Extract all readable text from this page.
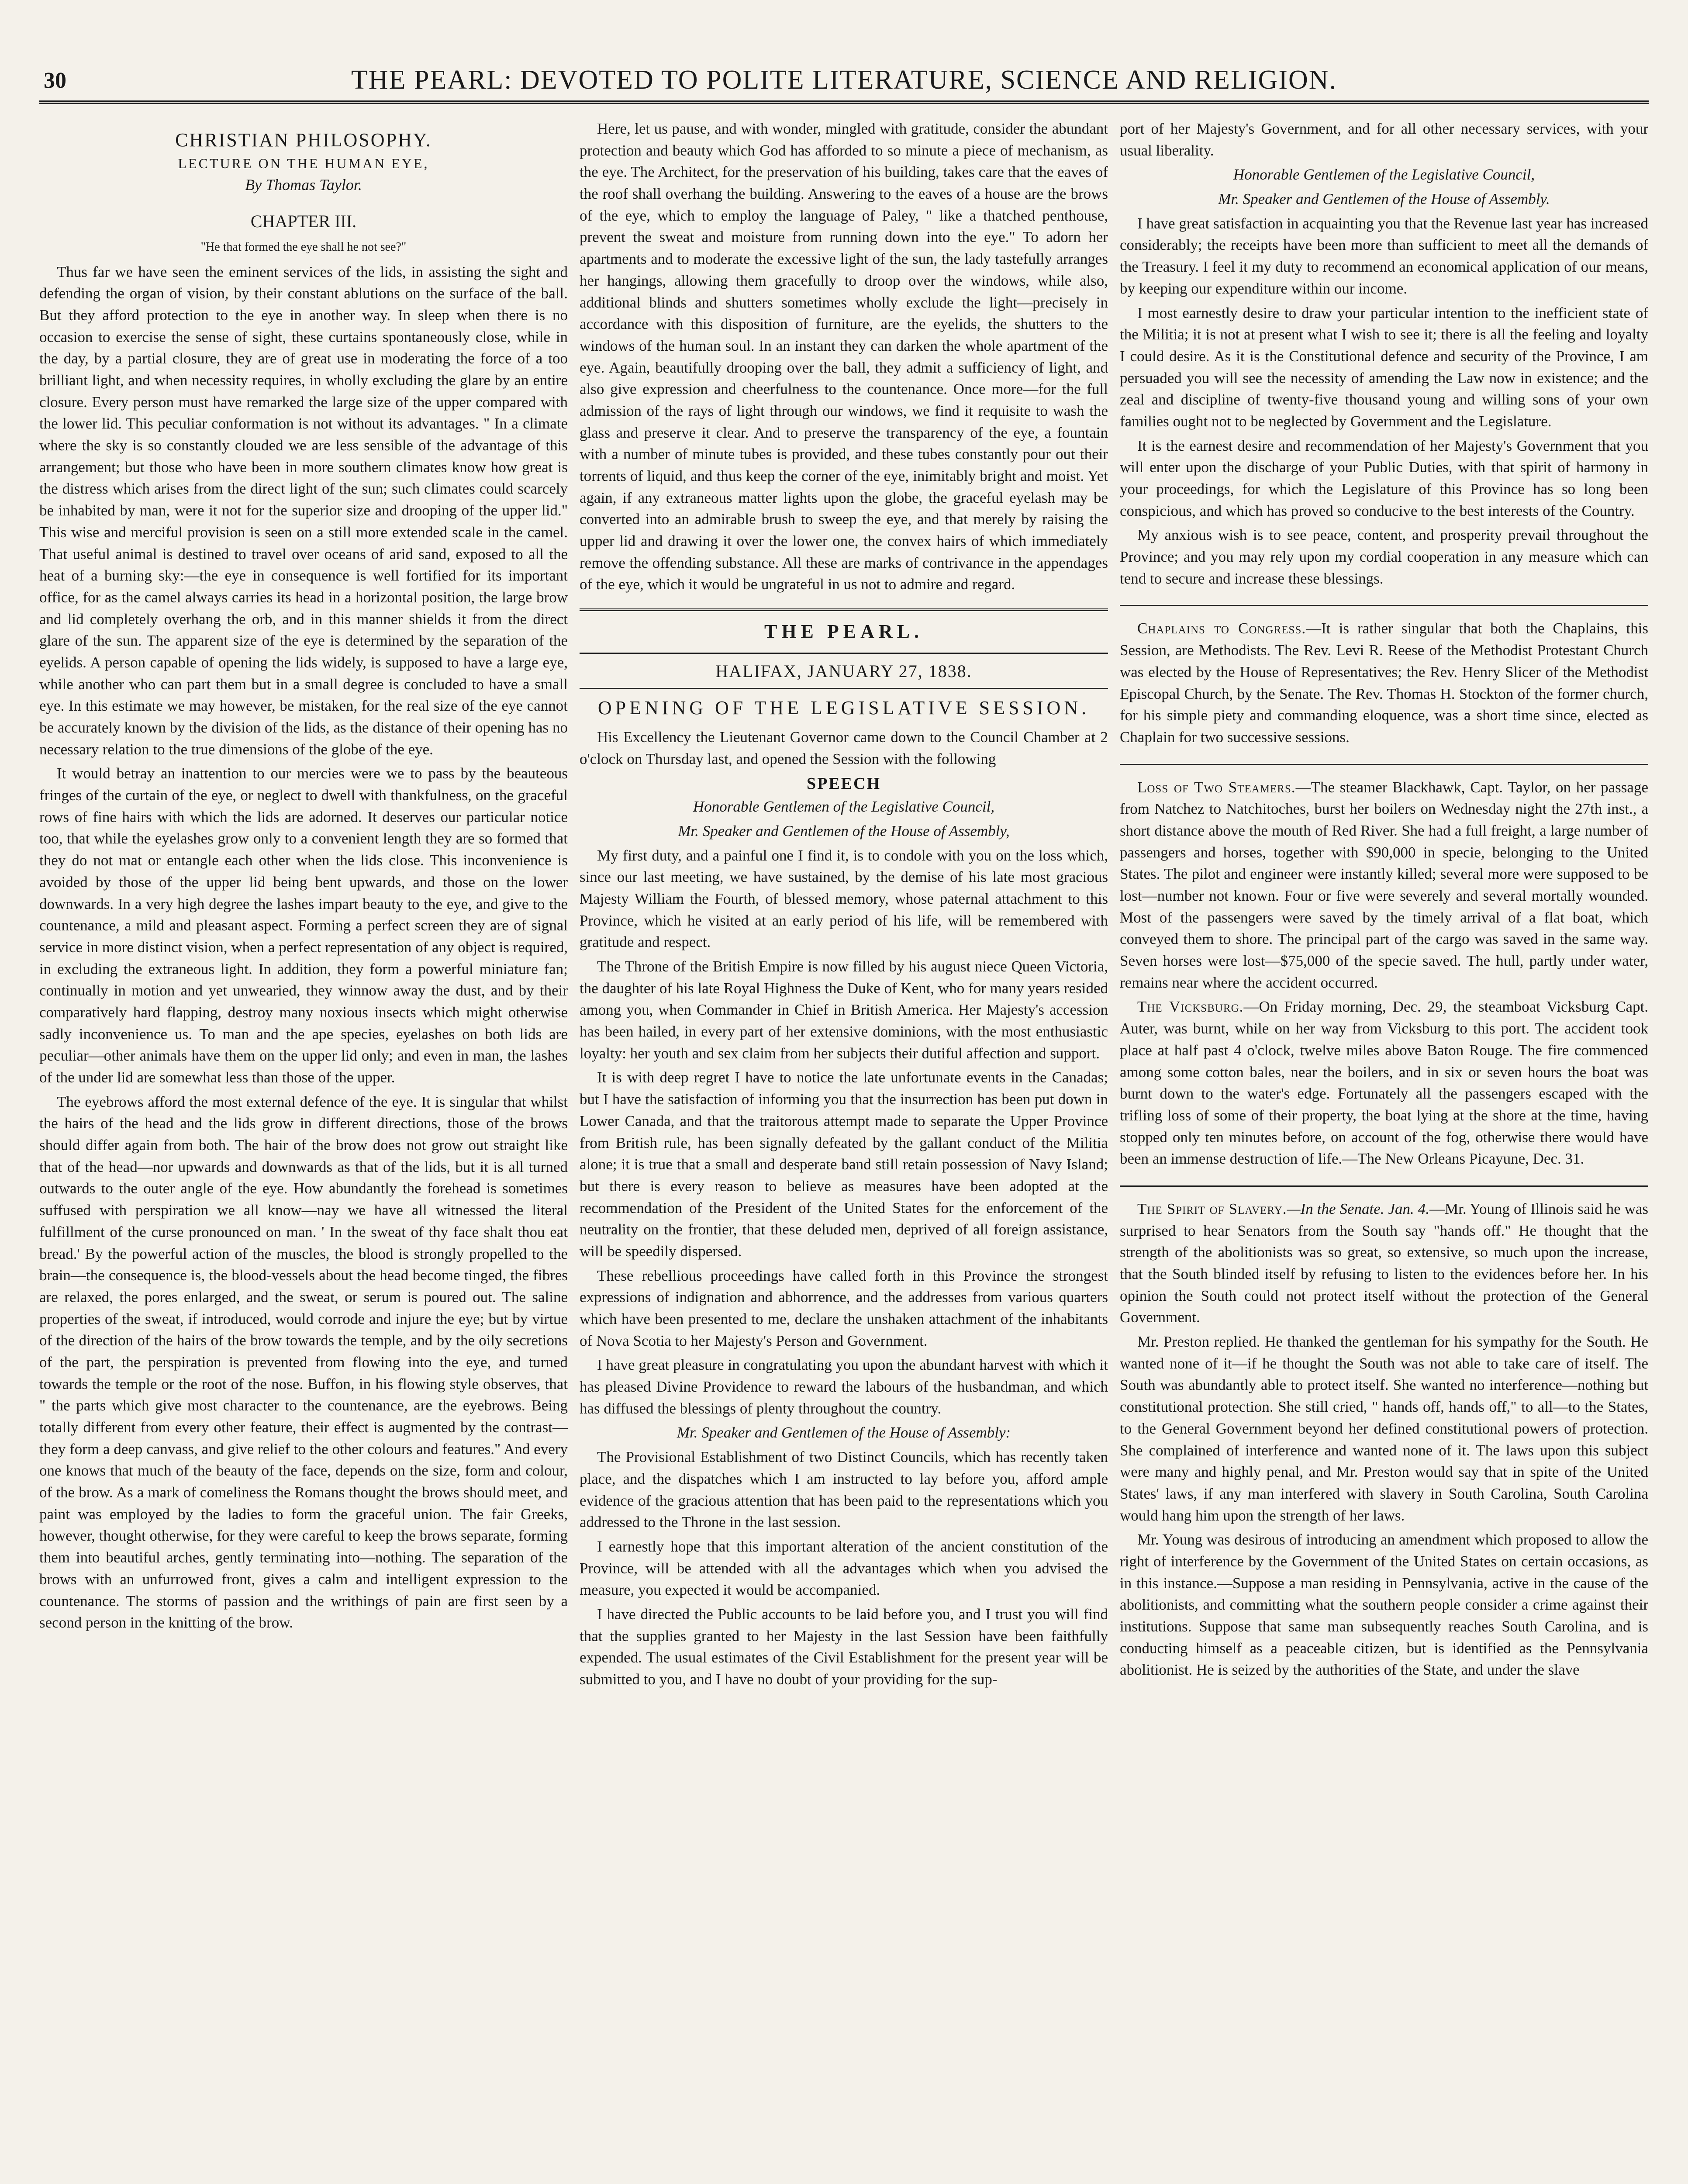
30	THE PEARL: DEVOTED TO POLITE LITERATURE, SCIENCE AND RELIGION.
CHRISTIAN PHILOSOPHY.
LECTURE ON THE HUMAN EYE,
By Thomas Taylor.
CHAPTER III.
"He that formed the eye shall he not see?"

Thus far we have seen the eminent services of the lids, in assisting the sight and defending the organ of vision, by their constant ablutions on the surface of the ball. But they afford protection to the eye in another way. In sleep when there is no occasion to exercise the sense of sight, these curtains spontaneously close, while in the day, by a partial closure, they are of great use in moderating the force of a too brilliant light, and when necessity requires, in wholly excluding the glare by an entire closure. Every person must have remarked the large size of the upper compared with the lower lid. This peculiar conformation is not without its advantages. " In a climate where the sky is so constantly clouded we are less sensible of the advantage of this arrangement; but those who have been in more southern climates know how great is the distress which arises from the direct light of the sun; such climates could scarcely be inhabited by man, were it not for the superior size and drooping of the upper lid." This wise and merciful provision is seen on a still more extended scale in the camel. That useful animal is destined to travel over oceans of arid sand, exposed to all the heat of a burning sky:—the eye in consequence is well fortified for its important office, for as the camel always carries its head in a horizontal position, the large brow and lid completely overhang the orb, and in this manner shields it from the direct glare of the sun. The apparent size of the eye is determined by the separation of the eyelids. A person capable of opening the lids widely, is supposed to have a large eye, while another who can part them but in a small degree is concluded to have a small eye. In this estimate we may however, be mistaken, for the real size of the eye cannot be accurately known by the division of the lids, as the distance of their opening has no necessary relation to the true dimensions of the globe of the eye.

It would betray an inattention to our mercies were we to pass by the beauteous fringes of the curtain of the eye, or neglect to dwell with thankfulness, on the graceful rows of fine hairs with which the lids are adorned. It deserves our particular notice too, that while the eyelashes grow only to a convenient length they are so formed that they do not mat or entangle each other when the lids close. This inconvenience is avoided by those of the upper lid being bent upwards, and those on the lower downwards. In a very high degree the lashes impart beauty to the eye, and give to the countenance, a mild and pleasant aspect. Forming a perfect screen they are of signal service in more distinct vision, when a perfect representation of any object is required, in excluding the extraneous light. In addition, they form a powerful miniature fan; continually in motion and yet unwearied, they winnow away the dust, and by their comparatively hard flapping, destroy many noxious insects which might otherwise sadly inconvenience us. To man and the ape species, eyelashes on both lids are peculiar—other animals have them on the upper lid only; and even in man, the lashes of the under lid are somewhat less than those of the upper.

The eyebrows afford the most external defence of the eye. It is singular that whilst the hairs of the head and the lids grow in different directions, those of the brows should differ again from both. The hair of the brow does not grow out straight like that of the head—nor upwards and downwards as that of the lids, but it is all turned outwards to the outer angle of the eye. How abundantly the forehead is sometimes suffused with perspiration we all know—nay we have all witnessed the literal fulfillment of the curse pronounced on man. ' In the sweat of thy face shalt thou eat bread.' By the powerful action of the muscles, the blood is strongly propelled to the brain—the consequence is, the blood-vessels about the head become tinged, the fibres are relaxed, the pores enlarged, and the sweat, or serum is poured out. The saline properties of the sweat, if introduced, would corrode and injure the eye; but by virtue of the direction of the hairs of the brow towards the temple, and by the oily secretions of the part, the perspiration is prevented from flowing into the eye, and turned towards the temple or the root of the nose. Buffon, in his flowing style observes, that " the parts which give most character to the countenance, are the eyebrows. Being totally different from every other feature, their effect is augmented by the contrast—they form a deep canvass, and give relief to the other colours and features." And every one knows that much of the beauty of the face, depends on the size, form and colour, of the brow. As a mark of comeliness the Romans thought the brows should meet, and paint was employed by the ladies to form the graceful union. The fair Greeks, however, thought otherwise, for they were careful to keep the brows separate, forming them into beautiful arches, gently terminating into—nothing. The separation of the brows with an unfurrowed front, gives a calm and intelligent expression to the countenance. The storms of passion and the writhings of pain are first seen by a second person in the knitting of the brow.

Here, let us pause, and with wonder, mingled with gratitude, consider the abundant protection and beauty which God has afforded to so minute a piece of mechanism, as the eye. The Architect, for the preservation of his building, takes care that the eaves of the roof shall overhang the building. Answering to the eaves of a house are the brows of the eye, which to employ the language of Paley, " like a thatched penthouse, prevent the sweat and moisture from running down into the eye." To adorn her apartments and to moderate the excessive light of the sun, the lady tastefully arranges her hangings, allowing them gracefully to droop over the windows, while also, additional blinds and shutters sometimes wholly exclude the light—precisely in accordance with this disposition of furniture, are the eyelids, the shutters to the windows of the human soul. In an instant they can darken the whole apartment of the eye. Again, beautifully drooping over the ball, they admit a sufficiency of light, and also give expression and cheerfulness to the countenance. Once more—for the full admission of the rays of light through our windows, we find it requisite to wash the glass and preserve it clear. And to preserve the transparency of the eye, a fountain with a number of minute tubes is provided, and these tubes constantly pour out their torrents of liquid, and thus keep the corner of the eye, inimitably bright and moist. Yet again, if any extraneous matter lights upon the globe, the graceful eyelash may be converted into an admirable brush to sweep the eye, and that merely by raising the upper lid and drawing it over the lower one, the convex hairs of which immediately remove the offending substance. All these are marks of contrivance in the appendages of the eye, which it would be ungrateful in us not to admire and regard.

THE PEARL.
HALIFAX, JANUARY 27, 1838.
OPENING OF THE LEGISLATIVE SESSION.

His Excellency the Lieutenant Governor came down to the Council Chamber at 2 o'clock on Thursday last, and opened the Session with the following

SPEECH

Honorable Gentlemen of the Legislative Council,

Mr. Speaker and Gentlemen of the House of Assembly,

My first duty, and a painful one I find it, is to condole with you on the loss which, since our last meeting, we have sustained, by the demise of his late most gracious Majesty William the Fourth, of blessed memory, whose paternal attachment to this Province, which he visited at an early period of his life, will be remembered with gratitude and respect.

The Throne of the British Empire is now filled by his august niece Queen Victoria, the daughter of his late Royal Highness the Duke of Kent, who for many years resided among you, when Commander in Chief in British America. Her Majesty's accession has been hailed, in every part of her extensive dominions, with the most enthusiastic loyalty: her youth and sex claim from her subjects their dutiful affection and support.

It is with deep regret I have to notice the late unfortunate events in the Canadas; but I have the satisfaction of informing you that the insurrection has been put down in Lower Canada, and that the traitorous attempt made to separate the Upper Province from British rule, has been signally defeated by the gallant conduct of the Militia alone; it is true that a small and desperate band still retain possession of Navy Island; but there is every reason to believe as measures have been adopted at the recommendation of the President of the United States for the enforcement of the neutrality on the frontier, that these deluded men, deprived of all foreign assistance, will be speedily dispersed.

These rebellious proceedings have called forth in this Province the strongest expressions of indignation and abhorrence, and the addresses from various quarters which have been presented to me, declare the unshaken attachment of the inhabitants of Nova Scotia to her Majesty's Person and Government.

I have great pleasure in congratulating you upon the abundant harvest with which it has pleased Divine Providence to reward the labours of the husbandman, and which has diffused the blessings of plenty throughout the country.

Mr. Speaker and Gentlemen of the House of Assembly:

The Provisional Establishment of two Distinct Councils, which has recently taken place, and the dispatches which I am instructed to lay before you, afford ample evidence of the gracious attention that has been paid to the representations which you addressed to the Throne in the last session.

I earnestly hope that this important alteration of the ancient constitution of the Province, will be attended with all the advantages which when you advised the measure, you expected it would be accompanied.

I have directed the Public accounts to be laid before you, and I trust you will find that the supplies granted to her Majesty in the last Session have been faithfully expended. The usual estimates of the Civil Establishment for the present year will be submitted to you, and I have no doubt of your providing for the sup-

port of her Majesty's Government, and for all other necessary services, with your usual liberality.

Honorable Gentlemen of the Legislative Council,

Mr. Speaker and Gentlemen of the House of Assembly.

I have great satisfaction in acquainting you that the Revenue last year has increased considerably; the receipts have been more than sufficient to meet all the demands of the Treasury. I feel it my duty to recommend an economical application of our means, by keeping our expenditure within our income.

I most earnestly desire to draw your particular intention to the inefficient state of the Militia; it is not at present what I wish to see it; there is all the feeling and loyalty I could desire. As it is the Constitutional defence and security of the Province, I am persuaded you will see the necessity of amending the Law now in existence; and the zeal and discipline of twenty-five thousand young and willing sons of your own families ought not to be neglected by Government and the Legislature.

It is the earnest desire and recommendation of her Majesty's Government that you will enter upon the discharge of your Public Duties, with that spirit of harmony in your proceedings, for which the Legislature of this Province has so long been conspicious, and which has proved so conducive to the best interests of the Country.

My anxious wish is to see peace, content, and prosperity prevail throughout the Province; and you may rely upon my cordial cooperation in any measure which can tend to secure and increase these blessings.

Chaplains to Congress.—It is rather singular that both the Chaplains, this Session, are Methodists. The Rev. Levi R. Reese of the Methodist Protestant Church was elected by the House of Representatives; the Rev. Henry Slicer of the Methodist Episcopal Church, by the Senate. The Rev. Thomas H. Stockton of the former church, for his simple piety and commanding eloquence, was a short time since, elected as Chaplain for two successive sessions.

Loss of Two Steamers.—The steamer Blackhawk, Capt. Taylor, on her passage from Natchez to Natchitoches, burst her boilers on Wednesday night the 27th inst., a short distance above the mouth of Red River. She had a full freight, a large number of passengers and horses, together with $90,000 in specie, belonging to the United States. The pilot and engineer were instantly killed; several more were supposed to be lost—number not known. Four or five were severely and several mortally wounded. Most of the passengers were saved by the timely arrival of a flat boat, which conveyed them to shore. The principal part of the cargo was saved in the same way. Seven horses were lost—$75,000 of the specie saved. The hull, partly under water, remains near where the accident occurred.

The Vicksburg.—On Friday morning, Dec. 29, the steamboat Vicksburg Capt. Auter, was burnt, while on her way from Vicksburg to this port. The accident took place at half past 4 o'clock, twelve miles above Baton Rouge. The fire commenced among some cotton bales, near the boilers, and in six or seven hours the boat was burnt down to the water's edge. Fortunately all the passengers escaped with the trifling loss of some of their property, the boat lying at the shore at the time, having stopped only ten minutes before, on account of the fog, otherwise there would have been an immense destruction of life.—The New Orleans Picayune, Dec. 31.

The Spirit of Slavery.—In the Senate. Jan. 4.—Mr. Young of Illinois said he was surprised to hear Senators from the South say "hands off." He thought that the strength of the abolitionists was so great, so extensive, so much upon the increase, that the South blinded itself by refusing to listen to the evidences before her. In his opinion the South could not protect itself without the protection of the General Government.

Mr. Preston replied. He thanked the gentleman for his sympathy for the South. He wanted none of it—if he thought the South was not able to take care of itself. The South was abundantly able to protect itself. She wanted no interference—nothing but constitutional protection. She still cried, " hands off, hands off," to all—to the States, to the General Government beyond her defined constitutional powers of protection. She complained of interference and wanted none of it. The laws upon this subject were many and highly penal, and Mr. Preston would say that in spite of the United States' laws, if any man interfered with slavery in South Carolina, South Carolina would hang him upon the strength of her laws.

Mr. Young was desirous of introducing an amendment which proposed to allow the right of interference by the Government of the United States on certain occasions, as in this instance.—Suppose a man residing in Pennsylvania, active in the cause of the abolitionists, and committing what the southern people consider a crime against their institutions. Suppose that same man subsequently reaches South Carolina, and is conducting himself as a peaceable citizen, but is identified as the Pennsylvania abolitionist. He is seized by the authorities of the State, and under the slave
